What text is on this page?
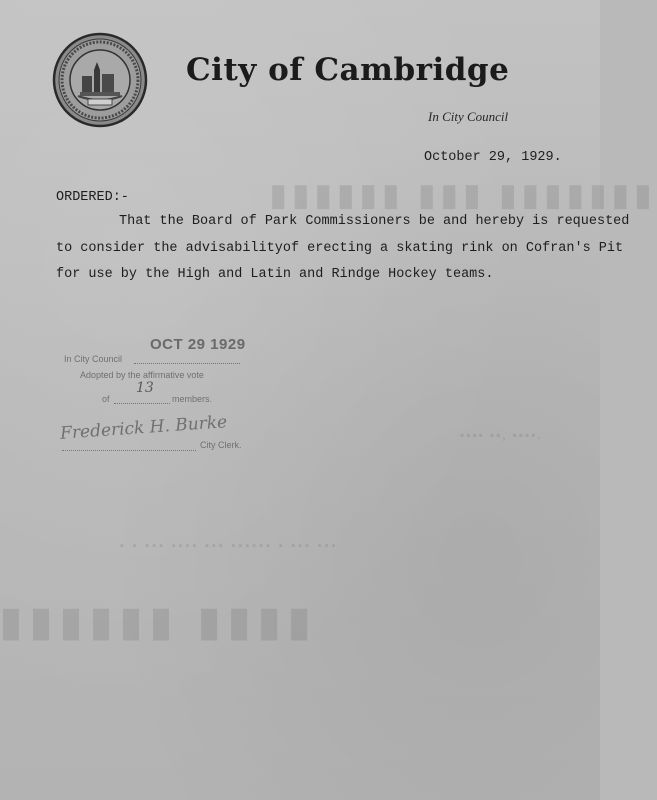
▮▮▮▮▮▮ ▮▮▮ ▮▮▮▮▮▮▮
▮▮▮▮▮▮ ▮▮▮▮
▪ ▪ ▪▪▪ ▪▪▪▪ ▪▪▪ ▪▪▪▪▪▪ ▪ ▪▪▪ ▪▪▪
▪▪▪▪ ▪▪, ▪▪▪▪.
City of Cambridge
In City Council
October 29, 1929.
ORDERED:-

That the Board of Park Commissioners be and hereby is requested
to consider the advisabilityof erecting a skating rink on Cofran's Pit
for use by the High and Latin and Rindge Hockey teams.

OCT 29 1929
In City Council
Adopted by the affirmative vote
of
13
members.
Frederick H. Burke
City Clerk.
